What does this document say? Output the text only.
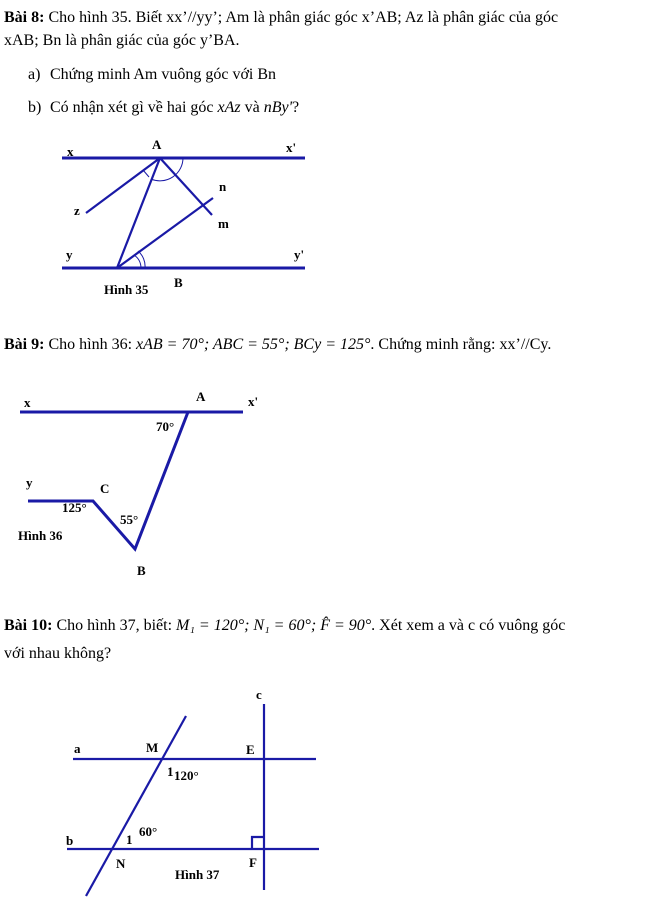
Bài 8: Cho hình 35. Biết xx’//yy’; Am là phân giác góc x’AB; Az là phân giác của góc

xAB; Bn là phân giác của góc y’BA.

a) Chứng minh Am vuông góc với Bn
b) Có nhận xét gì về hai góc xAz và nBy'?
x	A	x'
n
z
m
y	y'
Hình 35 B

Bài 9: Cho hình 36: xAB = 70°; ABC = 55°; BCy = 125°. Chứng minh rằng: xx’//Cy.

x	A	x'
70°
y	C
125°
55°
Hình 36
B

Bài 10: Cho hình 37, biết: M₁ = 120°; N₁ = 60°; F̂ = 90°. Xét xem a và c có vuông góc

với nhau không?

c
a	M	E
1 120°
b	1
60°
N
Hình 37
F
